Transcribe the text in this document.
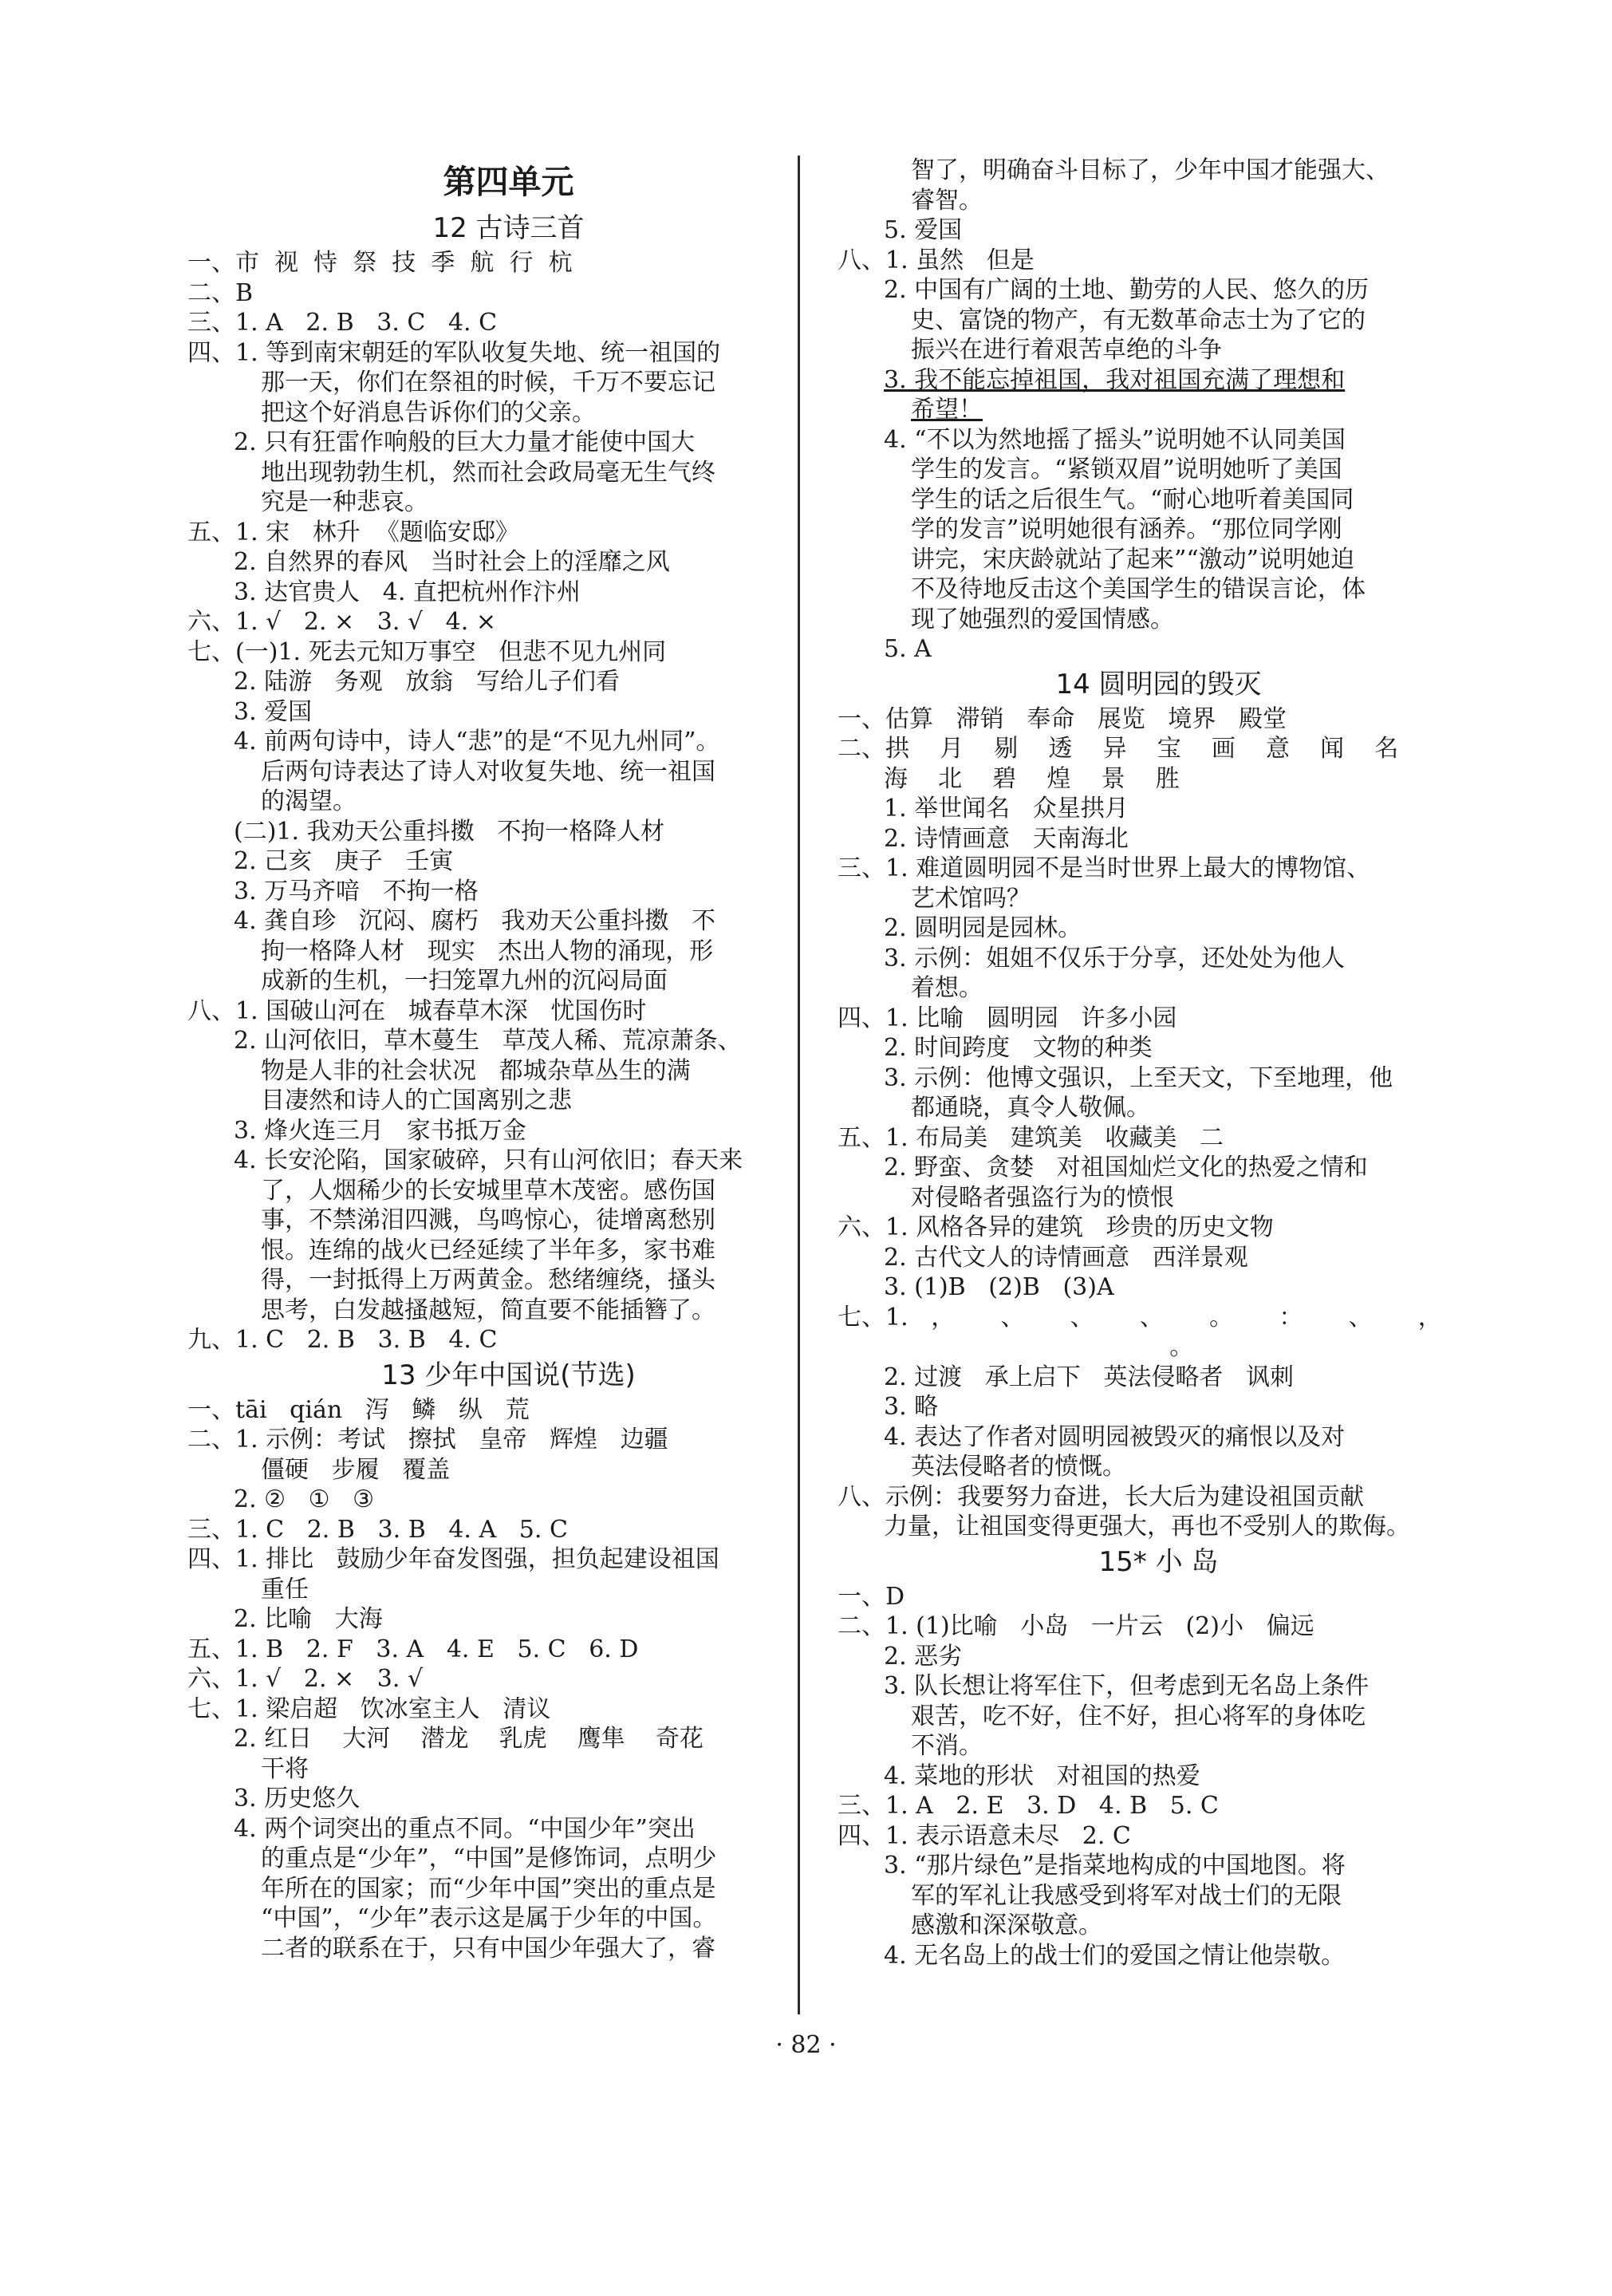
第四单元
12 古诗三首
一、市  视  恃  祭  技  季  航  行  杭
二、B
三、1. A   2. B   3. C   4. C
四、1. 等到南宋朝廷的军队收复失地、统一祖国的
那一天，你们在祭祖的时候，千万不要忘记
把这个好消息告诉你们的父亲。
2. 只有狂雷作响般的巨大力量才能使中国大
地出现勃勃生机，然而社会政局毫无生气终
究是一种悲哀。
五、1. 宋   林升  《题临安邸》
2. 自然界的春风   当时社会上的淫靡之风
3. 达官贵人   4. 直把杭州作汴州
六、1. √   2. ×   3. √   4. ×
七、(一)1. 死去元知万事空   但悲不见九州同
2. 陆游   务观   放翁   写给儿子们看
3. 爱国
4. 前两句诗中，诗人“悲”的是“不见九州同”。
后两句诗表达了诗人对收复失地、统一祖国
的渴望。
(二)1. 我劝天公重抖擞   不拘一格降人材
2. 己亥   庚子   壬寅
3. 万马齐喑   不拘一格
4. 龚自珍   沉闷、腐朽   我劝天公重抖擞   不
拘一格降人材   现实   杰出人物的涌现，形
成新的生机，一扫笼罩九州的沉闷局面
八、1. 国破山河在   城春草木深   忧国伤时
2. 山河依旧，草木蔓生   草茂人稀、荒凉萧条、
物是人非的社会状况   都城杂草丛生的满
目凄然和诗人的亡国离别之悲
3. 烽火连三月   家书抵万金
4. 长安沦陷，国家破碎，只有山河依旧；春天来
了，人烟稀少的长安城里草木茂密。感伤国
事，不禁涕泪四溅，鸟鸣惊心，徒增离愁别
恨。连绵的战火已经延续了半年多，家书难
得，一封抵得上万两黄金。愁绪缠绕，搔头
思考，白发越搔越短，简直要不能插簪了。
九、1. C   2. B   3. B   4. C
13 少年中国说(节选)
一、tāi   qián   泻   鳞   纵   荒
二、1. 示例：考试   擦拭   皇帝   辉煌   边疆
僵硬   步履   覆盖
2. ②   ①   ③
三、1. C   2. B   3. B   4. A   5. C
四、1. 排比   鼓励少年奋发图强，担负起建设祖国
重任
2. 比喻   大海
五、1. B   2. F   3. A   4. E   5. C   6. D
六、1. √   2. ×   3. √
七、1. 梁启超   饮冰室主人   清议
2. 红日    大河    潜龙    乳虎    鹰隼    奇花
干将
3. 历史悠久
4. 两个词突出的重点不同。“中国少年”突出
的重点是“少年”，“中国”是修饰词，点明少
年所在的国家；而“少年中国”突出的重点是
“中国”，“少年”表示这是属于少年的中国。
二者的联系在于，只有中国少年强大了，睿
智了，明确奋斗目标了，少年中国才能强大、
睿智。
5. 爱国
八、1. 虽然   但是
2. 中国有广阔的土地、勤劳的人民、悠久的历
史、富饶的物产，有无数革命志士为了它的
振兴在进行着艰苦卓绝的斗争
3. 我不能忘掉祖国，我对祖国充满了理想和
希望！
4. “不以为然地摇了摇头”说明她不认同美国
学生的发言。“紧锁双眉”说明她听了美国
学生的话之后很生气。“耐心地听着美国同
学的发言”说明她很有涵养。“那位同学刚
讲完，宋庆龄就站了起来”“激动”说明她迫
不及待地反击这个美国学生的错误言论，体
现了她强烈的爱国情感。
5. A
14 圆明园的毁灭
一、估算   滞销   奉命   展览   境界   殿堂
二、拱    月    剔    透    异    宝    画    意    闻    名
海    北    碧    煌    景    胜
1. 举世闻名   众星拱月
2. 诗情画意   天南海北
三、1. 难道圆明园不是当时世界上最大的博物馆、
艺术馆吗？
2. 圆明园是园林。
3. 示例：姐姐不仅乐于分享，还处处为他人
着想。
四、1. 比喻   圆明园   许多小园
2. 时间跨度   文物的种类
3. 示例：他博文强识，上至天文，下至地理，他
都通晓，真令人敬佩。
五、1. 布局美   建筑美   收藏美   二
2. 野蛮、贪婪   对祖国灿烂文化的热爱之情和
对侵略者强盗行为的愤恨
六、1. 风格各异的建筑   珍贵的历史文物
2. 古代文人的诗情画意   西洋景观
3. (1)B   (2)B   (3)A
七、1.   ，      、      、      、      。      ：      、      ，
。
2. 过渡   承上启下   英法侵略者   讽刺
3. 略
4. 表达了作者对圆明园被毁灭的痛恨以及对
英法侵略者的愤慨。
八、示例：我要努力奋进，长大后为建设祖国贡献
力量，让祖国变得更强大，再也不受别人的欺侮。
15* 小 岛
一、D
二、1. (1)比喻   小岛   一片云   (2)小   偏远
2. 恶劣
3. 队长想让将军住下，但考虑到无名岛上条件
艰苦，吃不好，住不好，担心将军的身体吃
不消。
4. 菜地的形状   对祖国的热爱
三、1. A   2. E   3. D   4. B   5. C
四、1. 表示语意未尽   2. C
3. “那片绿色”是指菜地构成的中国地图。将
军的军礼让我感受到将军对战士们的无限
感激和深深敬意。
4. 无名岛上的战士们的爱国之情让他崇敬。
· 82 ·
